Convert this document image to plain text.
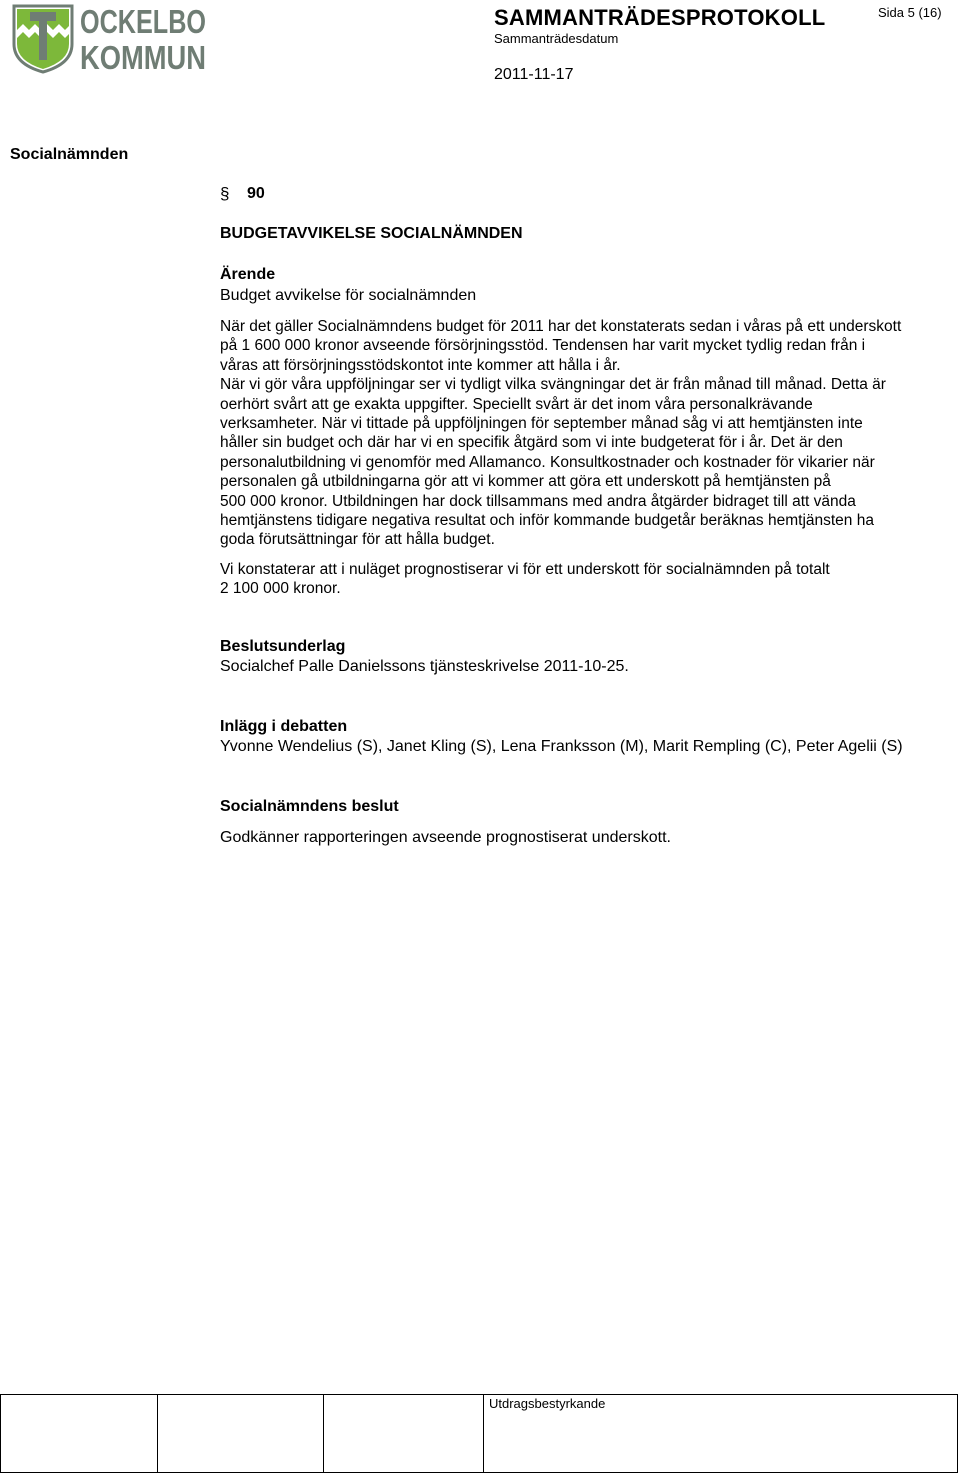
OCKELBO
KOMMUN
SAMMANTRÄDESPROTOKOLL	Sida 5 (16)
Sammanträdesdatum
2011-11-17
Socialnämnden
§ 90
BUDGETAVVIKELSE SOCIALNÄMNDEN
Ärende
Budget avvikelse för socialnämnden
När det gäller Socialnämndens budget för 2011 har det konstaterats sedan i våras på ett underskott
på 1 600 000 kronor avseende försörjningsstöd. Tendensen har varit mycket tydlig redan från i
våras att försörjningsstödskontot inte kommer att hålla i år.
När vi gör våra uppföljningar ser vi tydligt vilka svängningar det är från månad till månad. Detta är
oerhört svårt att ge exakta uppgifter. Speciellt svårt är det inom våra personalkrävande
verksamheter. När vi tittade på uppföljningen för september månad såg vi att hemtjänsten inte
håller sin budget och där har vi en specifik åtgärd som vi inte budgeterat för i år. Det är den
personalutbildning vi genomför med Allamanco. Konsultkostnader och kostnader för vikarier när
personalen gå utbildningarna gör att vi kommer att göra ett underskott på hemtjänsten på
500 000 kronor. Utbildningen har dock tillsammans med andra åtgärder bidraget till att vända
hemtjänstens tidigare negativa resultat och inför kommande budgetår beräknas hemtjänsten ha
goda förutsättningar för att hålla budget.
Vi konstaterar att i nuläget prognostiserar vi för ett underskott för socialnämnden på totalt
2 100 000 kronor.
Beslutsunderlag
Socialchef Palle Danielssons tjänsteskrivelse 2011-10-25.
Inlägg i debatten
Yvonne Wendelius (S), Janet Kling (S), Lena Franksson (M), Marit Rempling (C), Peter Agelii (S)
Socialnämndens beslut
Godkänner rapporteringen avseende prognostiserat underskott.
Utdragsbestyrkande
